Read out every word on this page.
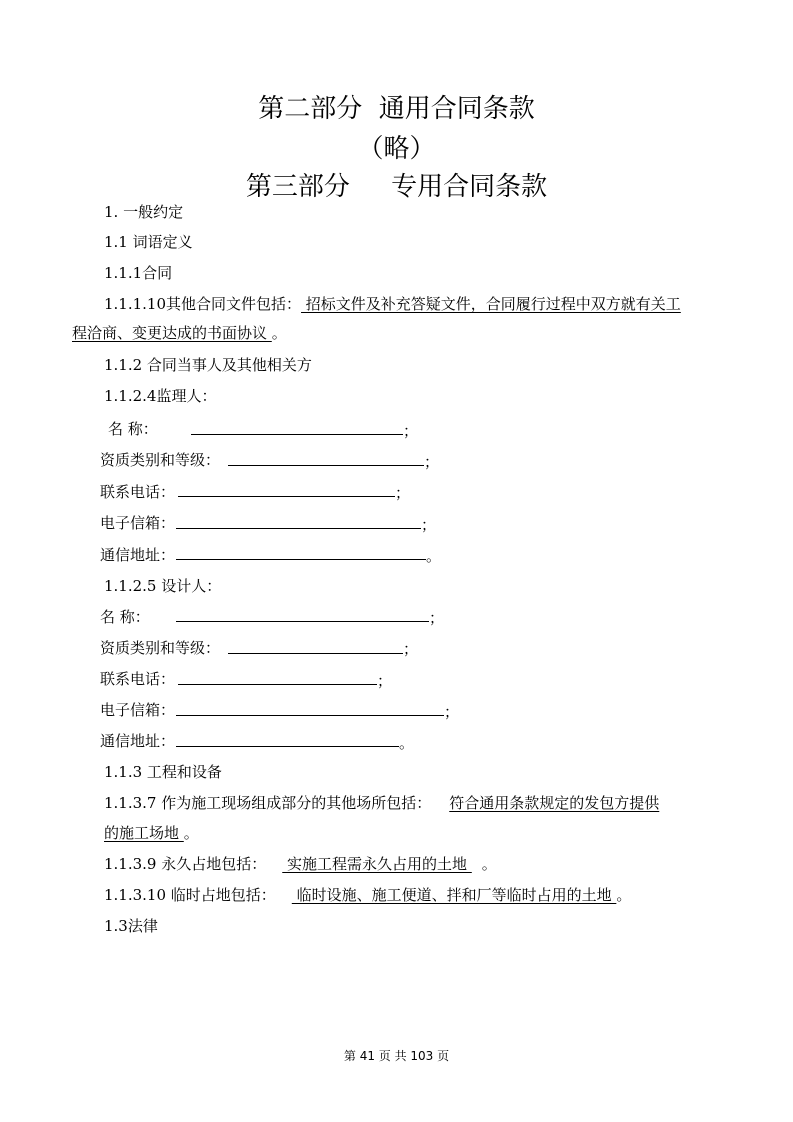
第二部分  通用合同条款
（略）
第三部分     专用合同条款
1. 一般约定
1.1 词语定义
1.1.1合同
1.1.1.10其他合同文件包括： 招标文件及补充答疑文件，合同履行过程中双方就有关工
程洽商、变更达成的书面协议 。
1.1.2 合同当事人及其他相关方
1.1.2.4监理人：
名 称：	；
资质类别和等级：	；
联系电话：	；
电子信箱：	；
通信地址：	。
1.1.2.5 设计人：
名 称：	；
资质类别和等级：	；
联系电话：	；
电子信箱：	；
通信地址：	。
1.1.3 工程和设备
1.1.3.7 作为施工现场组成部分的其他场所包括： 符合通用条款规定的发包方提供
的施工场地 。
1.1.3.9 永久占地包括： 实施工程需永久占用的土地 。
1.1.3.10 临时占地包括： 临时设施、施工便道、拌和厂等临时占用的土地 。
1.3法律
第 41 页 共 103 页
